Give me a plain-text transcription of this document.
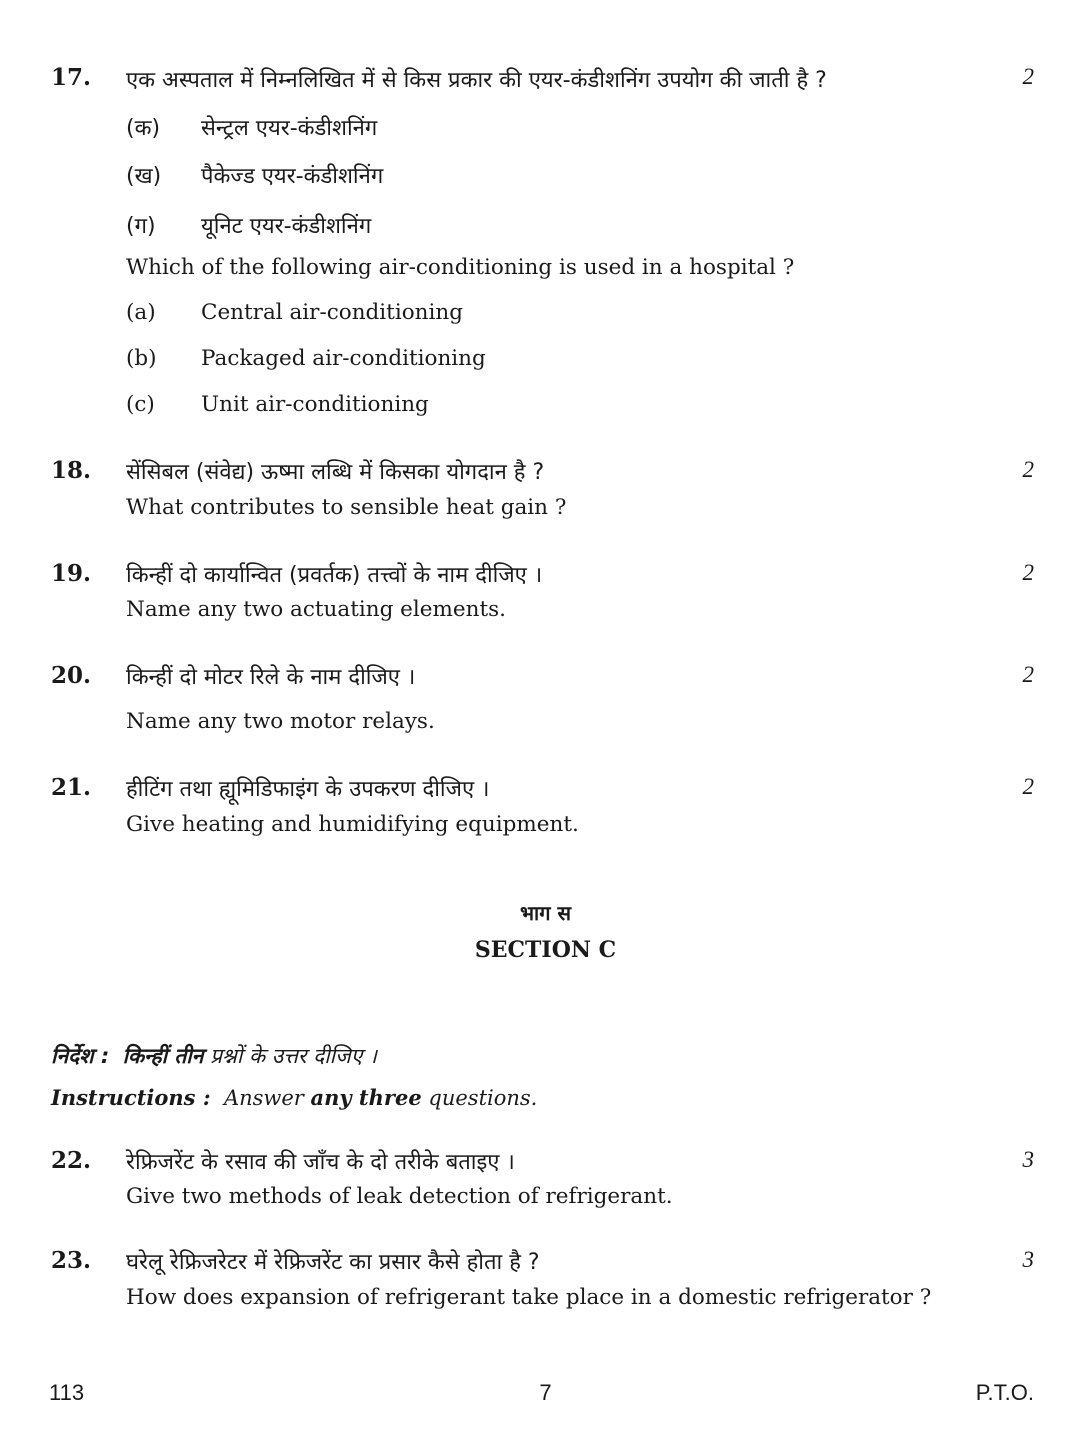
17. एक अस्पताल में निम्नलिखित में से किस प्रकार की एयर-कंडीशनिंग उपयोग की जाती है ?	2
(क) सेन्ट्रल एयर-कंडीशनिंग
(ख) पैकेज्ड एयर-कंडीशनिंग
(ग) यूनिट एयर-कंडीशनिंग
Which of the following air-conditioning is used in a hospital ?
(a) Central air-conditioning
(b) Packaged air-conditioning
(c) Unit air-conditioning
18. सेंसिबल (संवेद्य) ऊष्मा लब्धि में किसका योगदान है ?	2
What contributes to sensible heat gain ?
19. किन्हीं दो कार्यान्वित (प्रवर्तक) तत्त्वों के नाम दीजिए ।	2
Name any two actuating elements.
20. किन्हीं दो मोटर रिले के नाम दीजिए ।	2
Name any two motor relays.
21. हीटिंग तथा ह्यूमिडिफाइंग के उपकरण दीजिए ।	2
Give heating and humidifying equipment.
भाग स
SECTION C
निर्देश : किन्हीं तीन प्रश्नों के उत्तर दीजिए ।
Instructions : Answer any three questions.
22. रेफ्रिजरेंट के रसाव की जाँच के दो तरीके बताइए ।	3
Give two methods of leak detection of refrigerant.
23. घरेलू रेफ्रिजरेटर में रेफ्रिजरेंट का प्रसार कैसे होता है ?	3
How does expansion of refrigerant take place in a domestic refrigerator ?
113	7	P.T.O.
